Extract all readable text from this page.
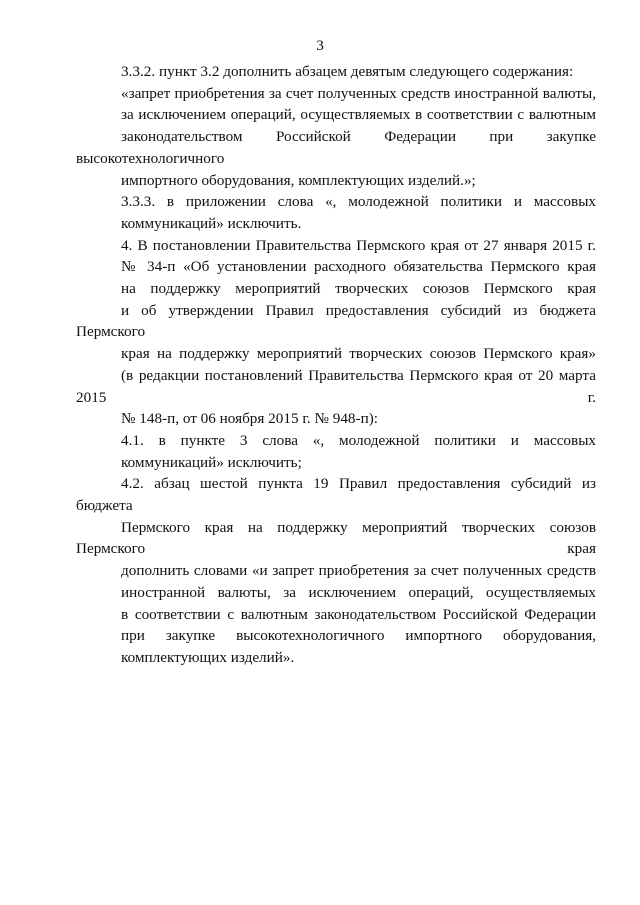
3

3.3.2. пункт 3.2 дополнить абзацем девятым следующего содержания:

«запрет приобретения за счет полученных средств иностранной валюты,
за исключением операций, осуществляемых в соответствии с валютным
законодательством Российской Федерации при закупке высокотехнологичного
импортного оборудования, комплектующих изделий.»;

3.3.3. в приложении слова «, молодежной политики и массовых
коммуникаций» исключить.

4. В постановлении Правительства Пермского края от 27 января 2015 г.
№ 34-п «Об установлении расходного обязательства Пермского края
на поддержку мероприятий творческих союзов Пермского края
и об утверждении Правил предоставления субсидий из бюджета Пермского
края на поддержку мероприятий творческих союзов Пермского края»
(в редакции постановлений Правительства Пермского края от 20 марта 2015 г.
№ 148-п, от 06 ноября 2015 г. № 948-п):

4.1. в пункте 3 слова «, молодежной политики и массовых
коммуникаций» исключить;

4.2. абзац шестой пункта 19 Правил предоставления субсидий из бюджета
Пермского края на поддержку мероприятий творческих союзов Пермского края
дополнить словами «и запрет приобретения за счет полученных средств
иностранной валюты, за исключением операций, осуществляемых
в соответствии с валютным законодательством Российской Федерации
при закупке высокотехнологичного импортного оборудования,
комплектующих изделий».
